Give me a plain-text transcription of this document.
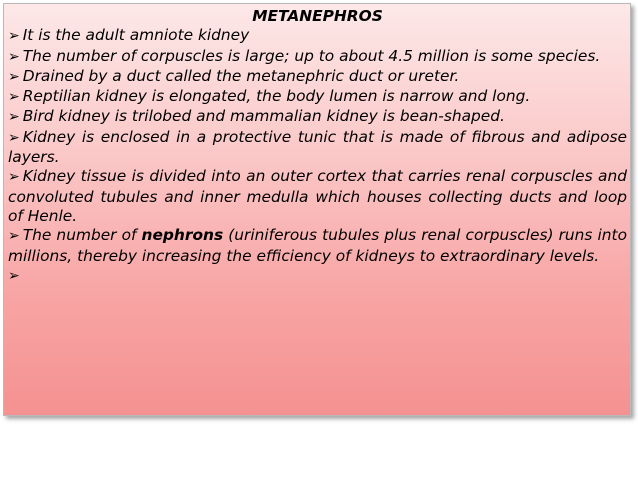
METANEPHROS

➢ It is the adult amniote kidney

➢ The number of corpuscles is large; up to about 4.5 million is some species.

➢ Drained by a duct called the metanephric duct or ureter.

➢ Reptilian kidney is elongated, the body lumen is narrow and long.

➢ Bird kidney is trilobed and mammalian kidney is bean-shaped.

➢ Kidney is enclosed in a protective tunic that is made of fibrous and adipose layers.

➢ Kidney tissue is divided into an outer cortex that carries renal corpuscles and convoluted tubules and inner medulla which houses collecting ducts and loop of Henle.

➢ The number of nephrons (uriniferous tubules plus renal corpuscles) runs into millions, thereby increasing the efficiency of kidneys to extraordinary levels.

➢
